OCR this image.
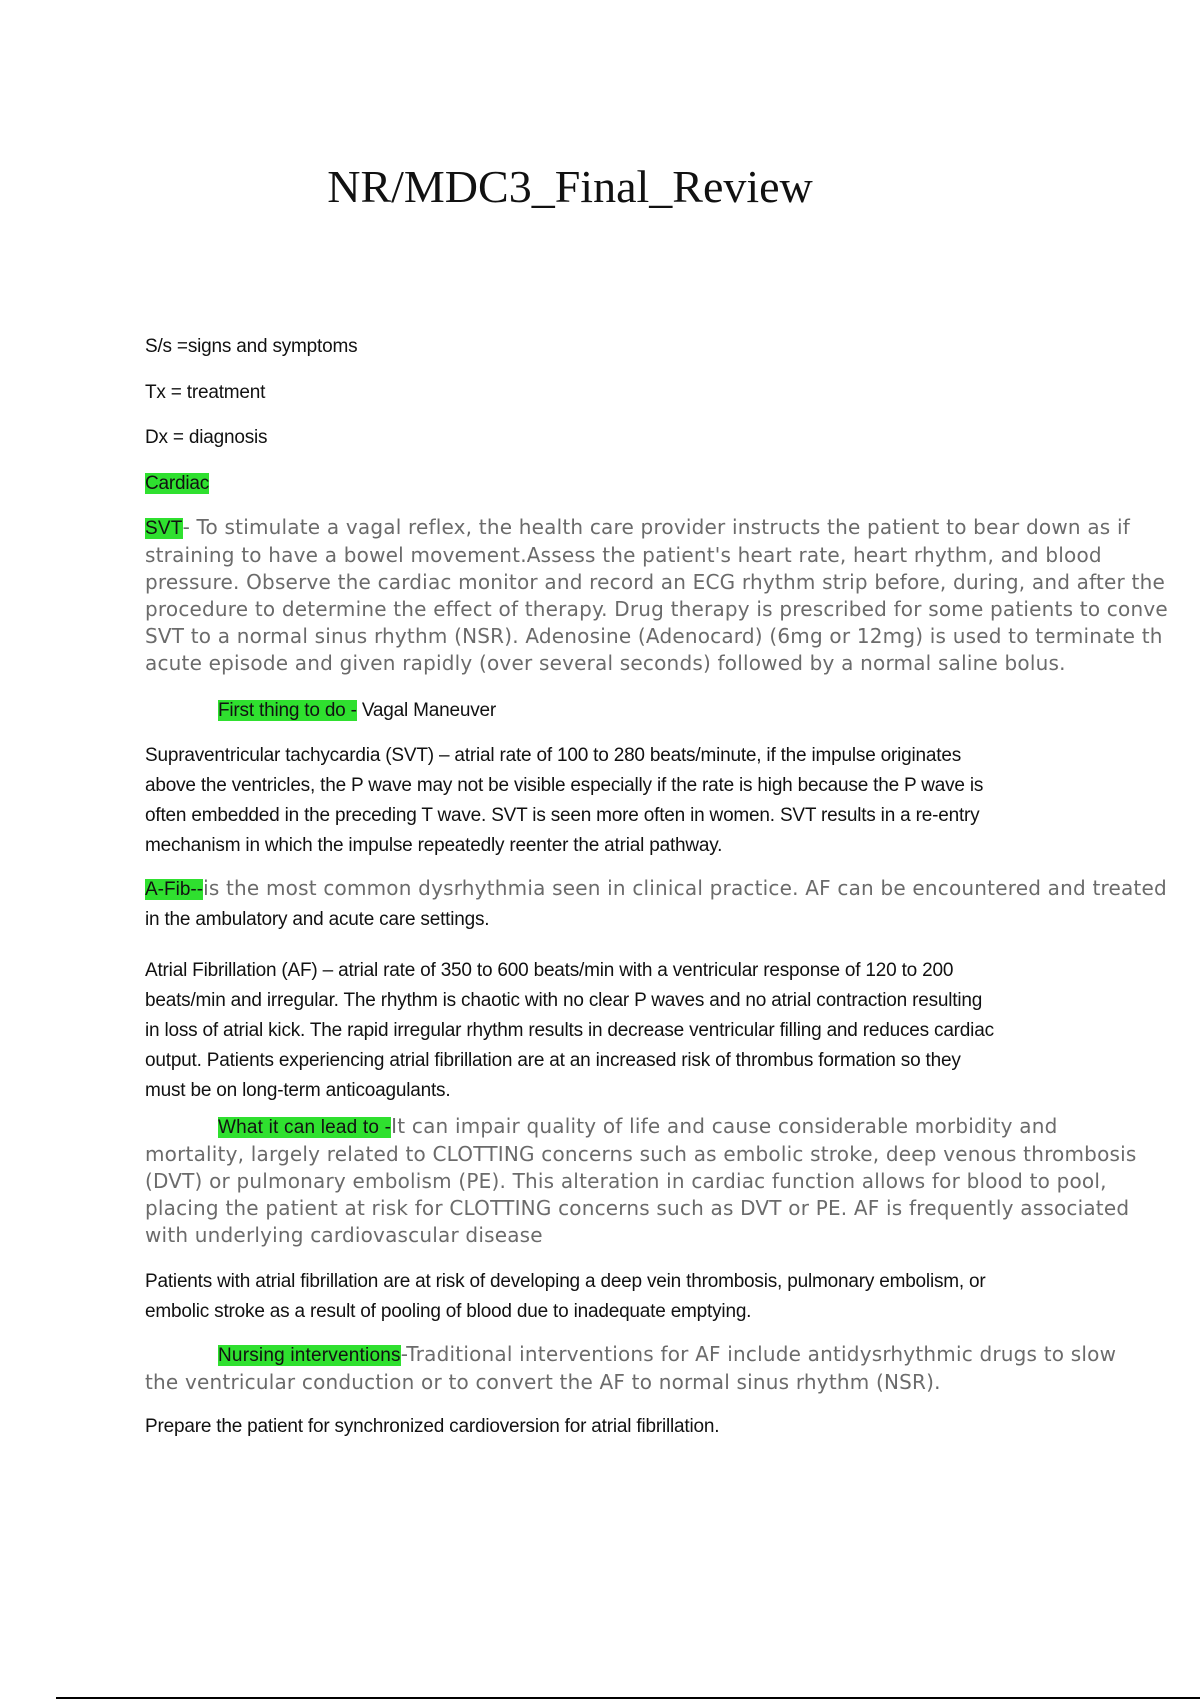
NR/MDC3_Final_Review

S/s =signs and symptoms

Tx = treatment

Dx = diagnosis

Cardiac

SVT- To stimulate a vagal reflex, the health care provider instructs the patient to bear down as if
straining to have a bowel movement.Assess the patient's heart rate, heart rhythm, and blood
pressure. Observe the cardiac monitor and record an ECG rhythm strip before, during, and after the
procedure to determine the effect of therapy. Drug therapy is prescribed for some patients to conve
SVT to a normal sinus rhythm (NSR). Adenosine (Adenocard) (6mg or 12mg) is used to terminate th
acute episode and given rapidly (over several seconds) followed by a normal saline bolus.

First thing to do - Vagal Maneuver

Supraventricular tachycardia (SVT) – atrial rate of 100 to 280 beats/minute, if the impulse originates
above the ventricles, the P wave may not be visible especially if the rate is high because the P wave is
often embedded in the preceding T wave. SVT is seen more often in women. SVT results in a re-entry
mechanism in which the impulse repeatedly reenter the atrial pathway.
A-Fib--is the most common dysrhythmia seen in clinical practice. AF can be encountered and treated
in the ambulatory and acute care settings.
Atrial Fibrillation (AF) – atrial rate of 350 to 600 beats/min with a ventricular response of 120 to 200
beats/min and irregular. The rhythm is chaotic with no clear P waves and no atrial contraction resulting
in loss of atrial kick. The rapid irregular rhythm results in decrease ventricular filling and reduces cardiac
output. Patients experiencing atrial fibrillation are at an increased risk of thrombus formation so they
must be on long-term anticoagulants.
What it can lead to -It can impair quality of life and cause considerable morbidity and
mortality, largely related to CLOTTING concerns such as embolic stroke, deep venous thrombosis
(DVT) or pulmonary embolism (PE). This alteration in cardiac function allows for blood to pool,
placing the patient at risk for CLOTTING concerns such as DVT or PE. AF is frequently associated
with underlying cardiovascular disease
Patients with atrial fibrillation are at risk of developing a deep vein thrombosis, pulmonary embolism, or
embolic stroke as a result of pooling of blood due to inadequate emptying.
Nursing interventions-Traditional interventions for AF include antidysrhythmic drugs to slow
the ventricular conduction or to convert the AF to normal sinus rhythm (NSR).

Prepare the patient for synchronized cardioversion for atrial fibrillation.
